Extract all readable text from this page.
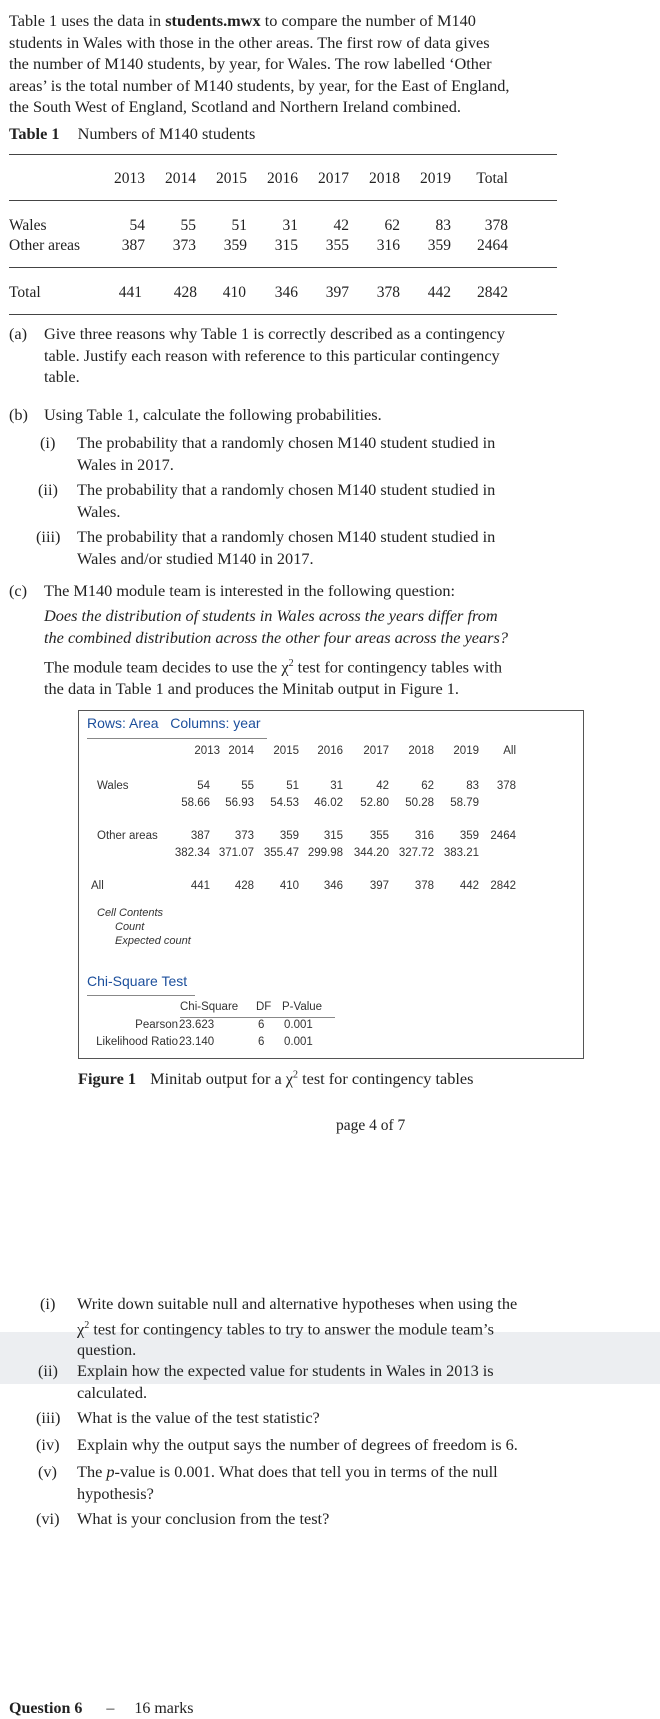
Table 1 uses the data in students.mwx to compare the number of M140
students in Wales with those in the other areas. The first row of data gives
the number of M140 students, by year, for Wales. The row labelled ‘Other
areas’ is the total number of M140 students, by year, for the East of England,
the South West of England, Scotland and Northern Ireland combined.
Table 1 Numbers of M140 students
2013	2014	2015	2016	2017	2018	2019	Total
Wales	54	55	51	31	42	62	83	378
Other areas	387	373	359	315	355	316	359	2464
Total	441	428	410	346	397	378	442	2842
(a) Give three reasons why Table 1 is correctly described as a contingency
table. Justify each reason with reference to this particular contingency
table.
(b) Using Table 1, calculate the following probabilities.
(i) The probability that a randomly chosen M140 student studied in
Wales in 2017.
(ii) The probability that a randomly chosen M140 student studied in
Wales.
(iii) The probability that a randomly chosen M140 student studied in
Wales and/or studied M140 in 2017.
(c) The M140 module team is interested in the following question:
Does the distribution of students in Wales across the years differ from
the combined distribution across the other four areas across the years?
The module team decides to use the $\chi^2$ test for contingency tables with
the data in Table 1 and produces the Minitab output in Figure 1.
Rows: Area Columns: year
2013 2014	2015	2016	2017	2018	2019	All
Wales	54	55	51	31	42	62	83	378
58.66	56.93	54.53	46.02	52.80	50.28	58.79
Other areas	387	373	359	315	355	316	359 2464
382.34 371.07 355.47 299.98 344.20 327.72 383.21
All	441	428	410	346	397	378	442 2842
Cell Contents
Count
Expected count
Chi-Square Test
Chi-Square DF P-Value
Pearson 23.623	6 0.001
Likelihood Ratio 23.140	6 0.001
Figure 1 Minitab output for a $\chi^2$ test for contingency tables
page 4 of 7
(i) Write down suitable null and alternative hypotheses when using the
$\chi^2$ test for contingency tables to try to answer the module team’s
question.
(ii) Explain how the expected value for students in Wales in 2013 is
calculated.
(iii) What is the value of the test statistic?
(iv) Explain why the output says the number of degrees of freedom is 6.
(v) The p-value is 0.001. What does that tell you in terms of the null
hypothesis?
(vi) What is your conclusion from the test?
Question 6 – 16 marks
